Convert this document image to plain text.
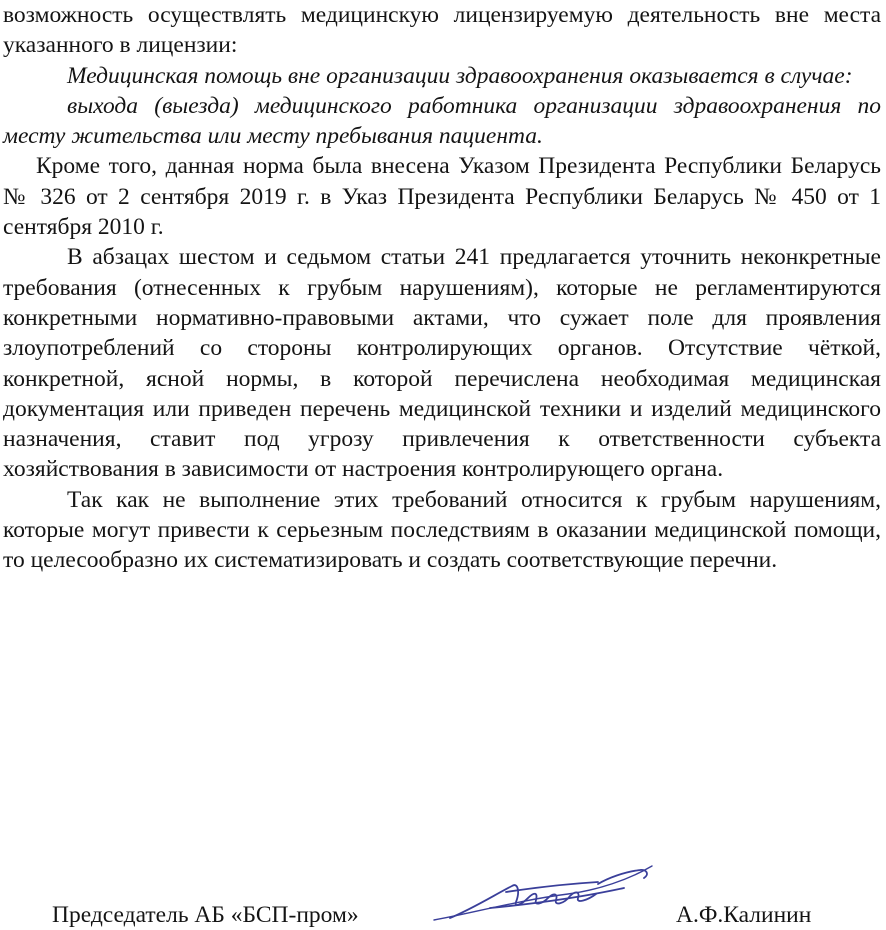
возможность осуществлять медицинскую лицензируемую деятельность вне места указанного в лицензии:

Медицинская помощь вне организации здравоохранения оказывается в случае:

выхода (выезда) медицинского работника организации здравоохранения по месту жительства или месту пребывания пациента.

Кроме того, данная норма была внесена Указом Президента Республики Беларусь № 326 от 2 сентября 2019 г. в Указ Президента Республики Беларусь № 450 от 1 сентября 2010 г.

В абзацах шестом и седьмом статьи 241 предлагается уточнить неконкретные требования (отнесенных к грубым нарушениям), которые не регламентируются конкретными нормативно-правовыми актами, что сужает поле для проявления злоупотреблений со стороны контролирующих органов. Отсутствие чёткой, конкретной, ясной нормы, в которой перечислена необходимая медицинская документация или приведен перечень медицинской техники и изделий медицинского назначения, ставит под угрозу привлечения к ответственности субъекта хозяйствования в зависимости от настроения контролирующего органа.

Так как не выполнение этих требований относится к грубым нарушениям, которые могут привести к серьезным последствиям в оказании медицинской помощи, то целесообразно их систематизировать и создать соответствующие перечни.

Председатель АБ «БСП-пром»	А.Ф.Калинин
